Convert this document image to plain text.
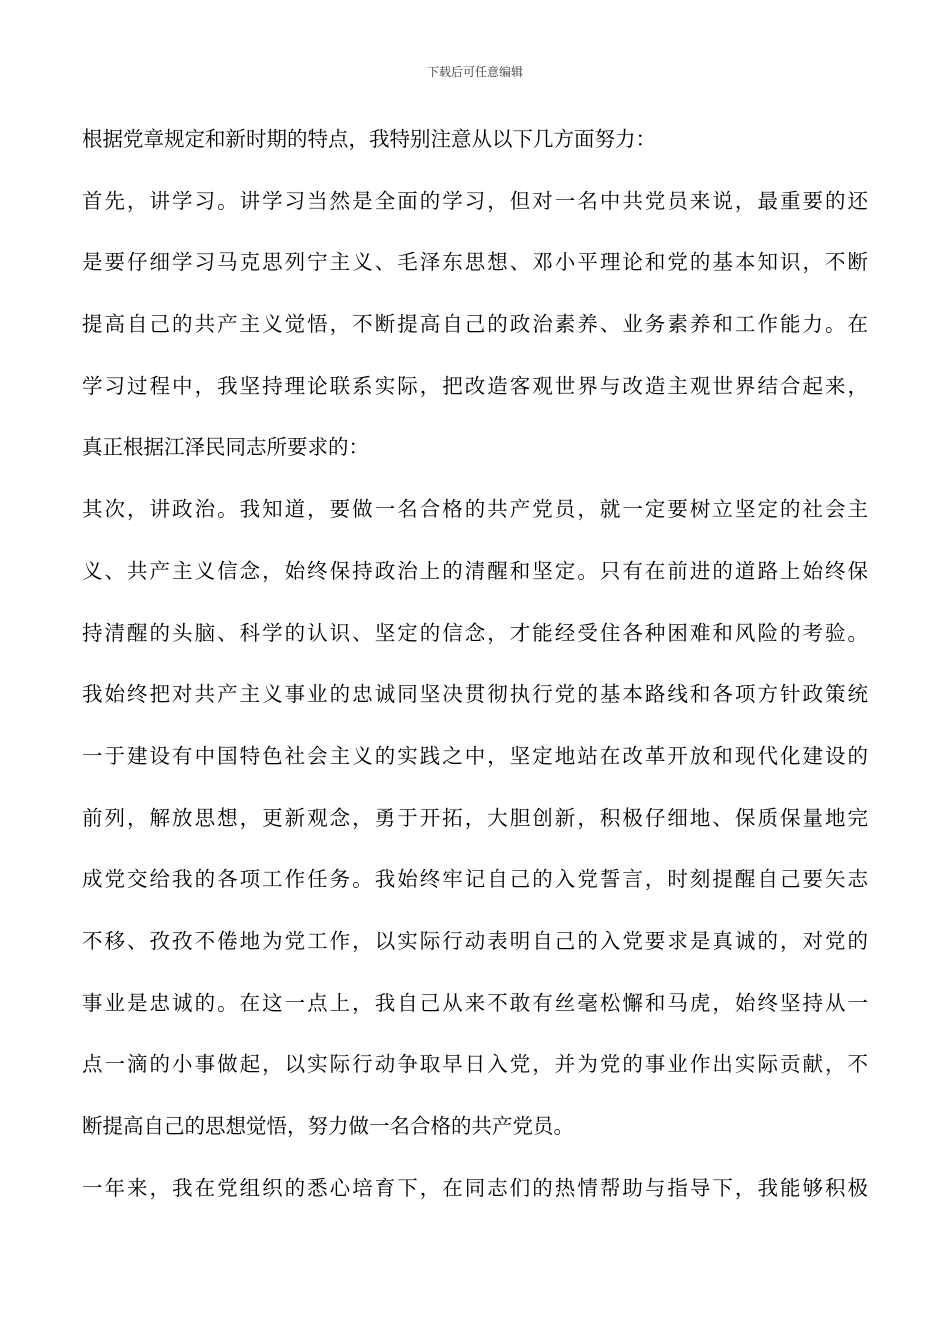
下载后可任意编辑
根据党章规定和新时期的特点，我特别注意从以下几方面努力：
首先，讲学习。讲学习当然是全面的学习，但对一名中共党员来说，最重要的还
是要仔细学习马克思列宁主义、毛泽东思想、邓小平理论和党的基本知识，不断
提高自己的共产主义觉悟，不断提高自己的政治素养、业务素养和工作能力。在
学习过程中，我坚持理论联系实际，把改造客观世界与改造主观世界结合起来，
真正根据江泽民同志所要求的：
其次，讲政治。我知道，要做一名合格的共产党员，就一定要树立坚定的社会主
义、共产主义信念，始终保持政治上的清醒和坚定。只有在前进的道路上始终保
持清醒的头脑、科学的认识、坚定的信念，才能经受住各种困难和风险的考验。
我始终把对共产主义事业的忠诚同坚决贯彻执行党的基本路线和各项方针政策统
一于建设有中国特色社会主义的实践之中，坚定地站在改革开放和现代化建设的
前列，解放思想，更新观念，勇于开拓，大胆创新，积极仔细地、保质保量地完
成党交给我的各项工作任务。我始终牢记自己的入党誓言，时刻提醒自己要矢志
不移、孜孜不倦地为党工作，以实际行动表明自己的入党要求是真诚的，对党的
事业是忠诚的。在这一点上，我自己从来不敢有丝毫松懈和马虎，始终坚持从一
点一滴的小事做起，以实际行动争取早日入党，并为党的事业作出实际贡献，不
断提高自己的思想觉悟，努力做一名合格的共产党员。
一年来，我在党组织的悉心培育下，在同志们的热情帮助与指导下，我能够积极
